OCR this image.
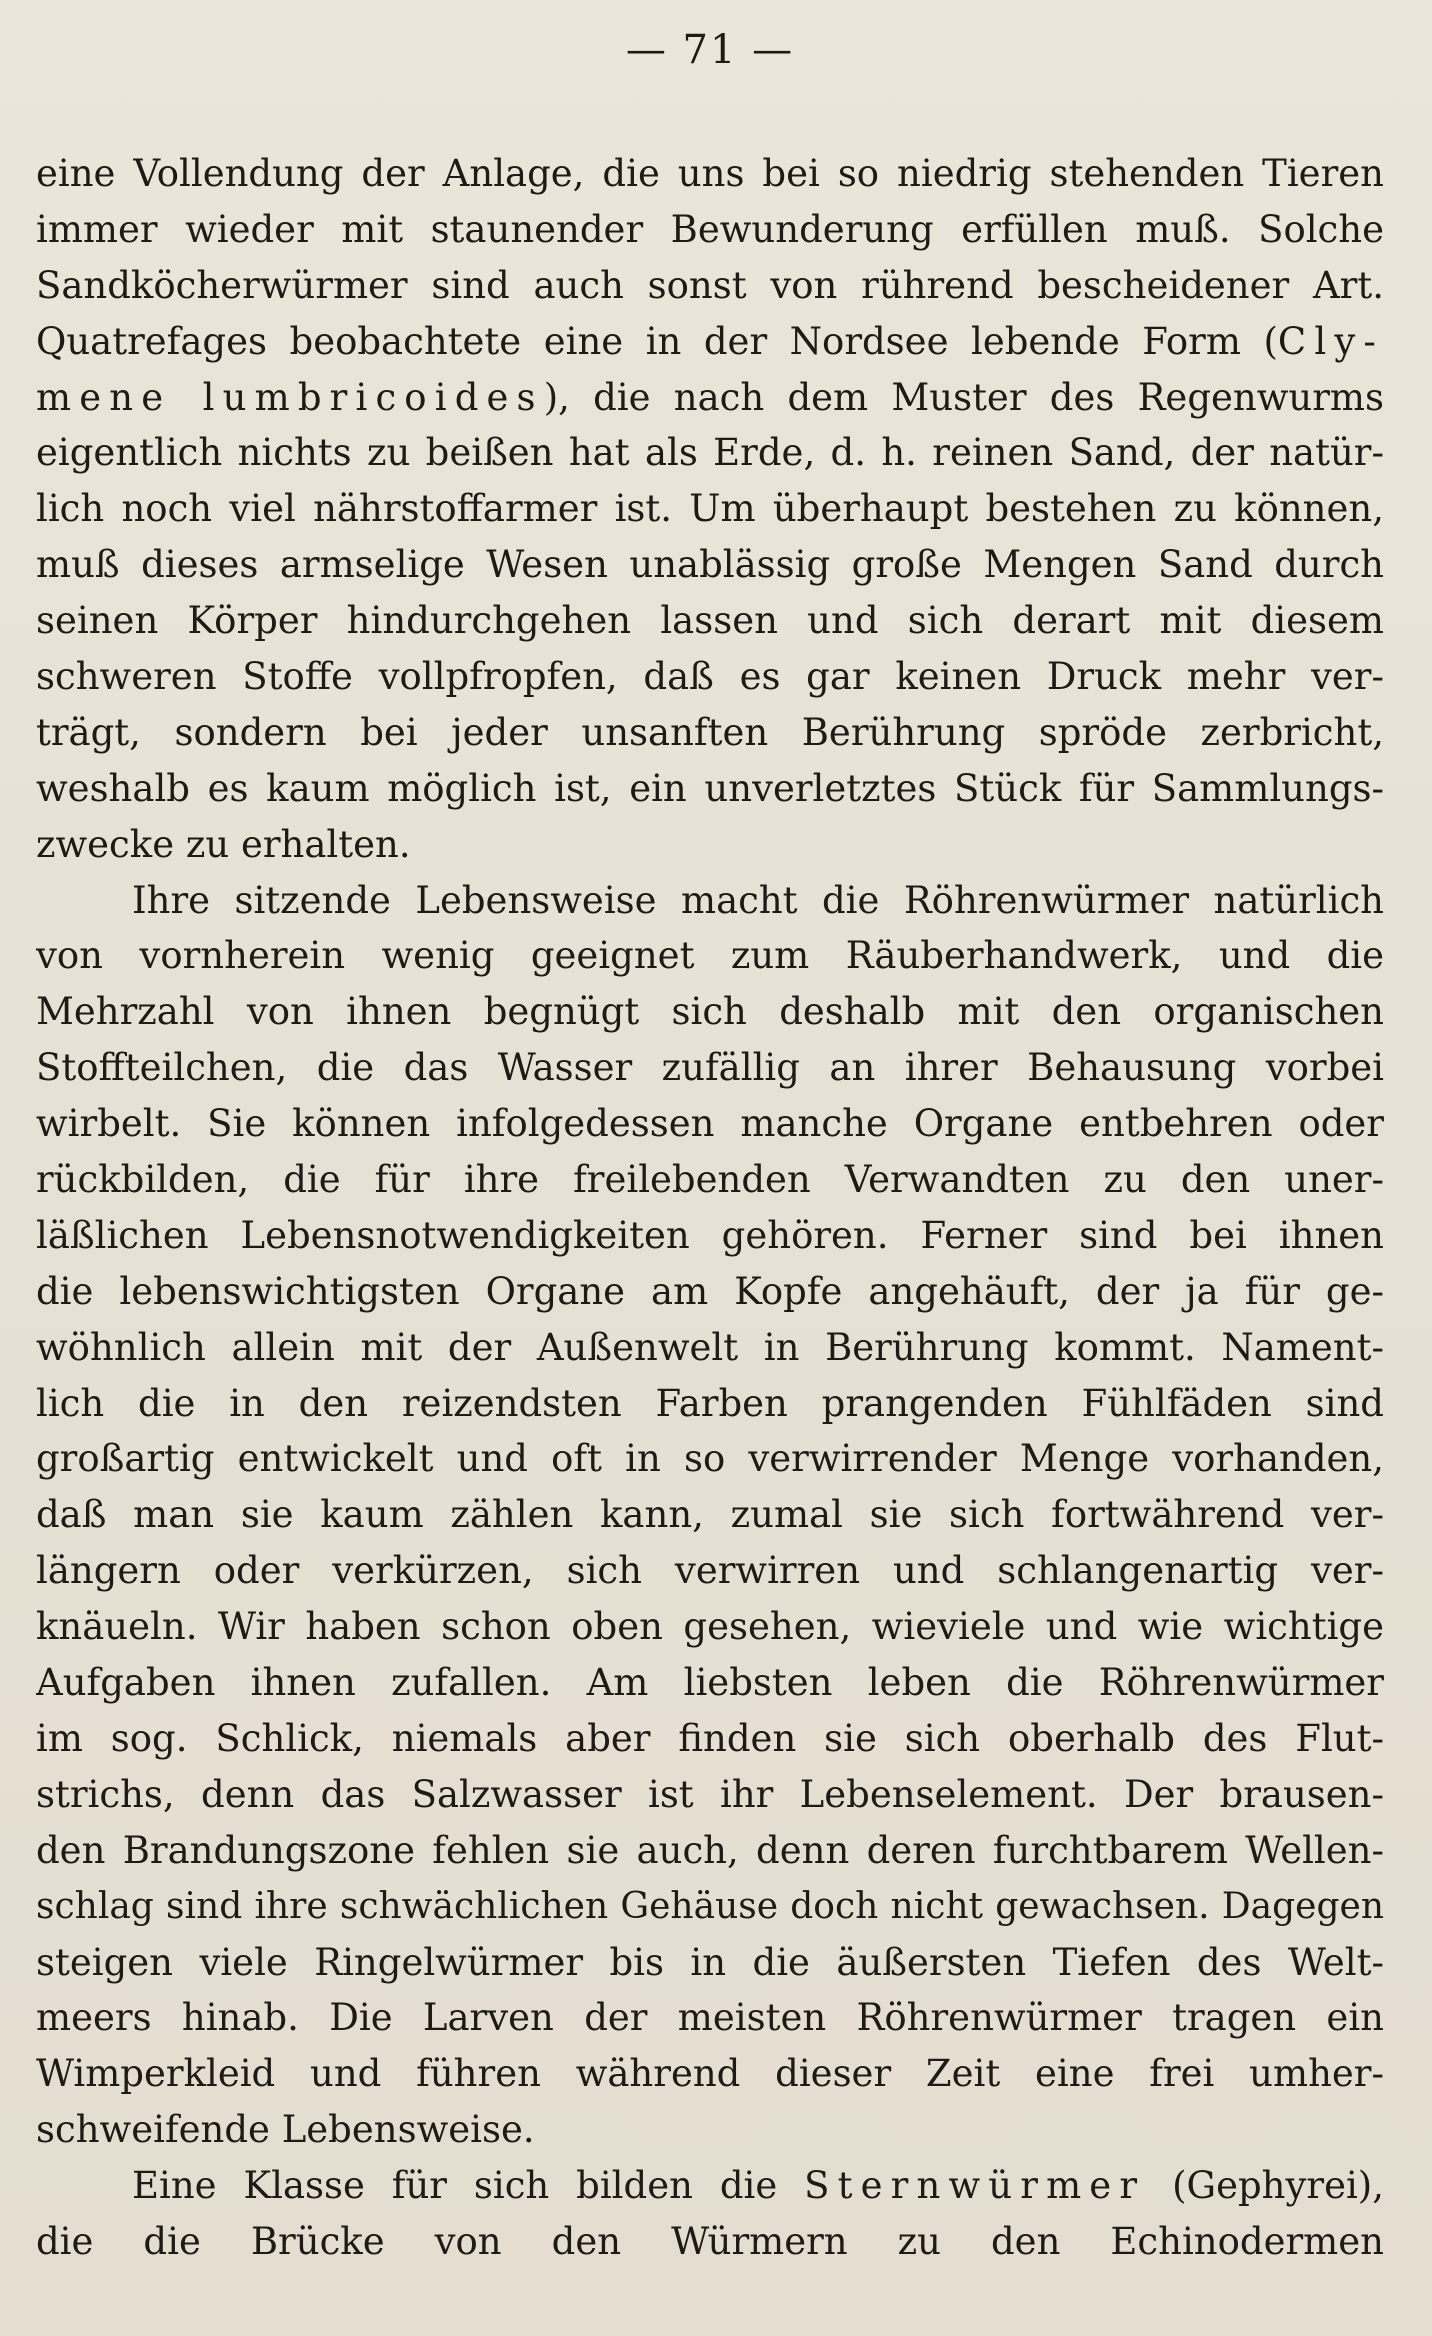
— 71 —
eine Vollendung der Anlage, die uns bei so niedrig stehenden Tieren
immer wieder mit staunender Bewunderung erfüllen muß. Solche
Sandköcherwürmer sind auch sonst von rührend bescheidener Art.
Quatrefages beobachtete eine in der Nordsee lebende Form (Cly-
mene lumbricoides), die nach dem Muster des Regenwurms
eigentlich nichts zu beißen hat als Erde, d. h. reinen Sand, der natür-
lich noch viel nährstoffarmer ist. Um überhaupt bestehen zu können,
muß dieses armselige Wesen unablässig große Mengen Sand durch
seinen Körper hindurchgehen lassen und sich derart mit diesem
schweren Stoffe vollpfropfen, daß es gar keinen Druck mehr ver-
trägt, sondern bei jeder unsanften Berührung spröde zerbricht,
weshalb es kaum möglich ist, ein unverletztes Stück für Sammlungs-
zwecke zu erhalten.
Ihre sitzende Lebensweise macht die Röhrenwürmer natürlich
von vornherein wenig geeignet zum Räuberhandwerk, und die
Mehrzahl von ihnen begnügt sich deshalb mit den organischen
Stoffteilchen, die das Wasser zufällig an ihrer Behausung vorbei
wirbelt. Sie können infolgedessen manche Organe entbehren oder
rückbilden, die für ihre freilebenden Verwandten zu den uner-
läßlichen Lebensnotwendigkeiten gehören. Ferner sind bei ihnen
die lebenswichtigsten Organe am Kopfe angehäuft, der ja für ge-
wöhnlich allein mit der Außenwelt in Berührung kommt. Nament-
lich die in den reizendsten Farben prangenden Fühlfäden sind
großartig entwickelt und oft in so verwirrender Menge vorhanden,
daß man sie kaum zählen kann, zumal sie sich fortwährend ver-
längern oder verkürzen, sich verwirren und schlangenartig ver-
knäueln. Wir haben schon oben gesehen, wieviele und wie wichtige
Aufgaben ihnen zufallen. Am liebsten leben die Röhrenwürmer
im sog. Schlick, niemals aber finden sie sich oberhalb des Flut-
strichs, denn das Salzwasser ist ihr Lebenselement. Der brausen-
den Brandungszone fehlen sie auch, denn deren furchtbarem Wellen-
schlag sind ihre schwächlichen Gehäuse doch nicht gewachsen. Dagegen
steigen viele Ringelwürmer bis in die äußersten Tiefen des Welt-
meers hinab. Die Larven der meisten Röhrenwürmer tragen ein
Wimperkleid und führen während dieser Zeit eine frei umher-
schweifende Lebensweise.
Eine Klasse für sich bilden die Sternwürmer (Gephyrei),
die die Brücke von den Würmern zu den Echinodermen
